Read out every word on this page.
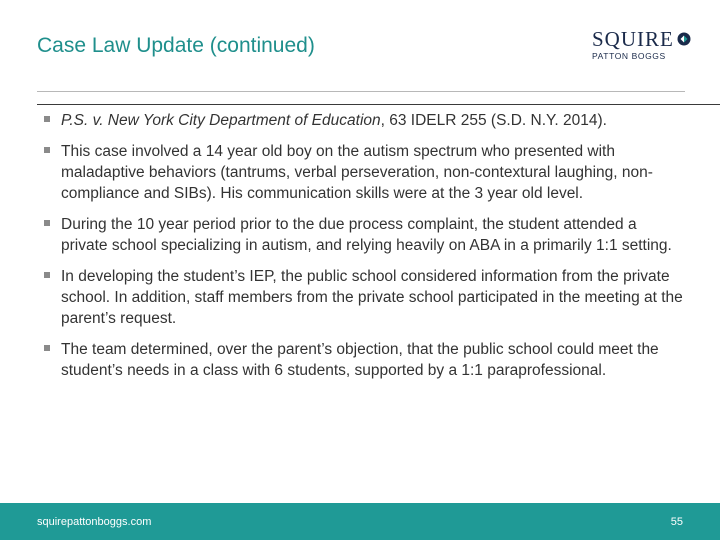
Case Law Update (continued)	SQUIRE
PATTON BOGGS
P.S. v. New York City Department of Education, 63 IDELR 255 (S.D. N.Y. 2014).
This case involved a 14 year old boy on the autism spectrum who presented with maladaptive behaviors (tantrums, verbal perseveration, non-contextural laughing, non-compliance and SIBs). His communication skills were at the 3 year old level.
During the 10 year period prior to the due process complaint, the student attended a private school specializing in autism, and relying heavily on ABA in a primarily 1:1 setting.
In developing the student’s IEP, the public school considered information from the private school. In addition, staff members from the private school participated in the meeting at the parent’s request.
The team determined, over the parent’s objection, that the public school could meet the student’s needs in a class with 6 students, supported by a 1:1 paraprofessional.
squirepattonboggs.com	55
